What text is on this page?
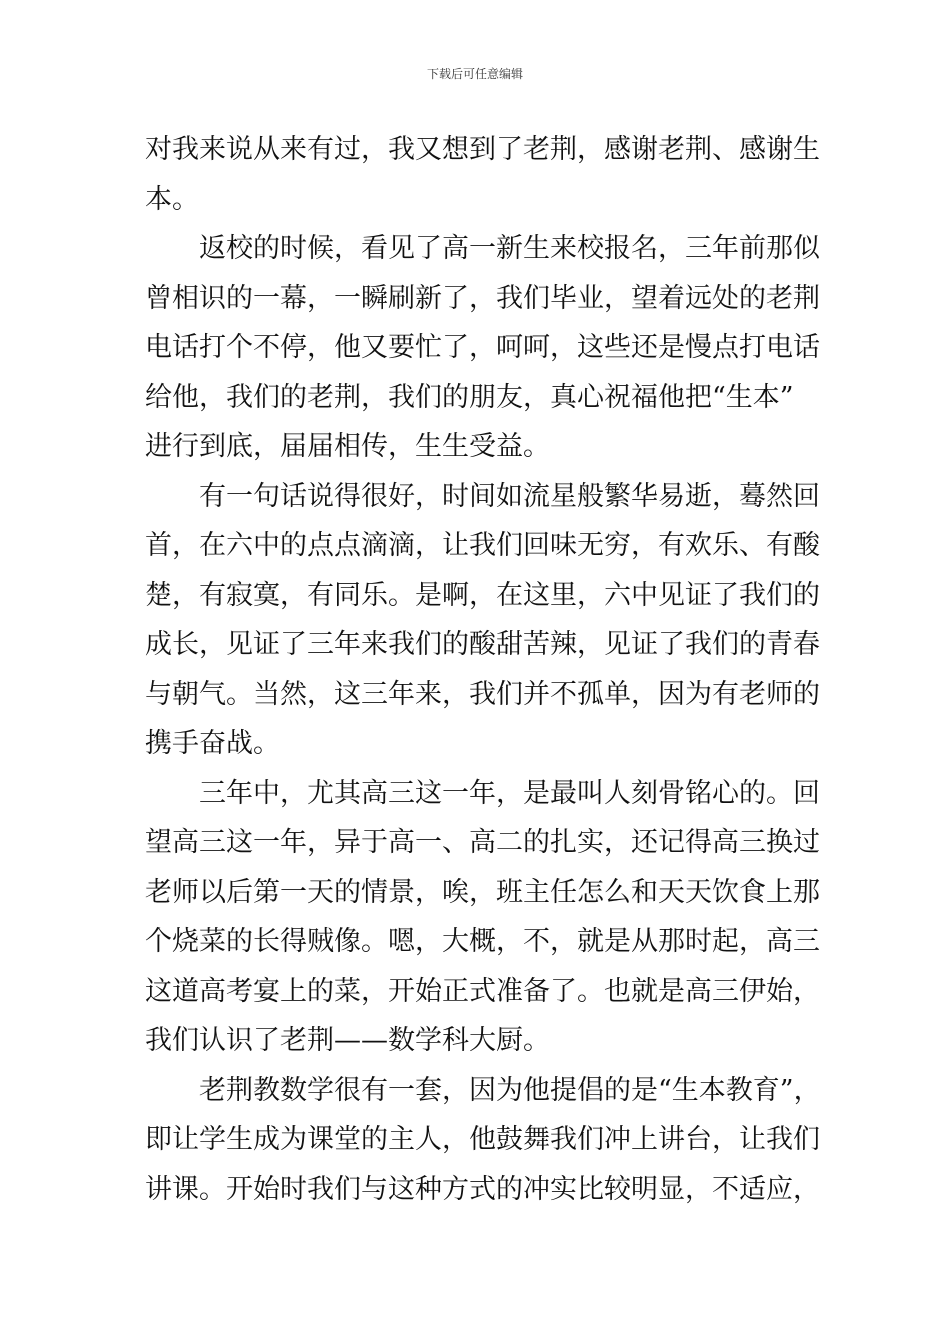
下载后可任意编辑
对我来说从来有过，我又想到了老荆，感谢老荆、感谢生
本。
返校的时候，看见了高一新生来校报名，三年前那似
曾相识的一幕，一瞬刷新了，我们毕业，望着远处的老荆
电话打个不停，他又要忙了，呵呵，这些还是慢点打电话
给他，我们的老荆，我们的朋友，真心祝福他把“生本”
进行到底，届届相传，生生受益。
有一句话说得很好，时间如流星般繁华易逝，蓦然回
首，在六中的点点滴滴，让我们回味无穷，有欢乐、有酸
楚，有寂寞，有同乐。是啊，在这里，六中见证了我们的
成长，见证了三年来我们的酸甜苦辣，见证了我们的青春
与朝气。当然，这三年来，我们并不孤单，因为有老师的
携手奋战。
三年中，尤其高三这一年，是最叫人刻骨铭心的。回
望高三这一年，异于高一、高二的扎实，还记得高三换过
老师以后第一天的情景，唉，班主任怎么和天天饮食上那
个烧菜的长得贼像。嗯，大概，不，就是从那时起，高三
这道高考宴上的菜，开始正式准备了。也就是高三伊始，
我们认识了老荆——数学科大厨。
老荆教数学很有一套，因为他提倡的是“生本教育”，
即让学生成为课堂的主人，他鼓舞我们冲上讲台，让我们
讲课。开始时我们与这种方式的冲实比较明显，不适应，
